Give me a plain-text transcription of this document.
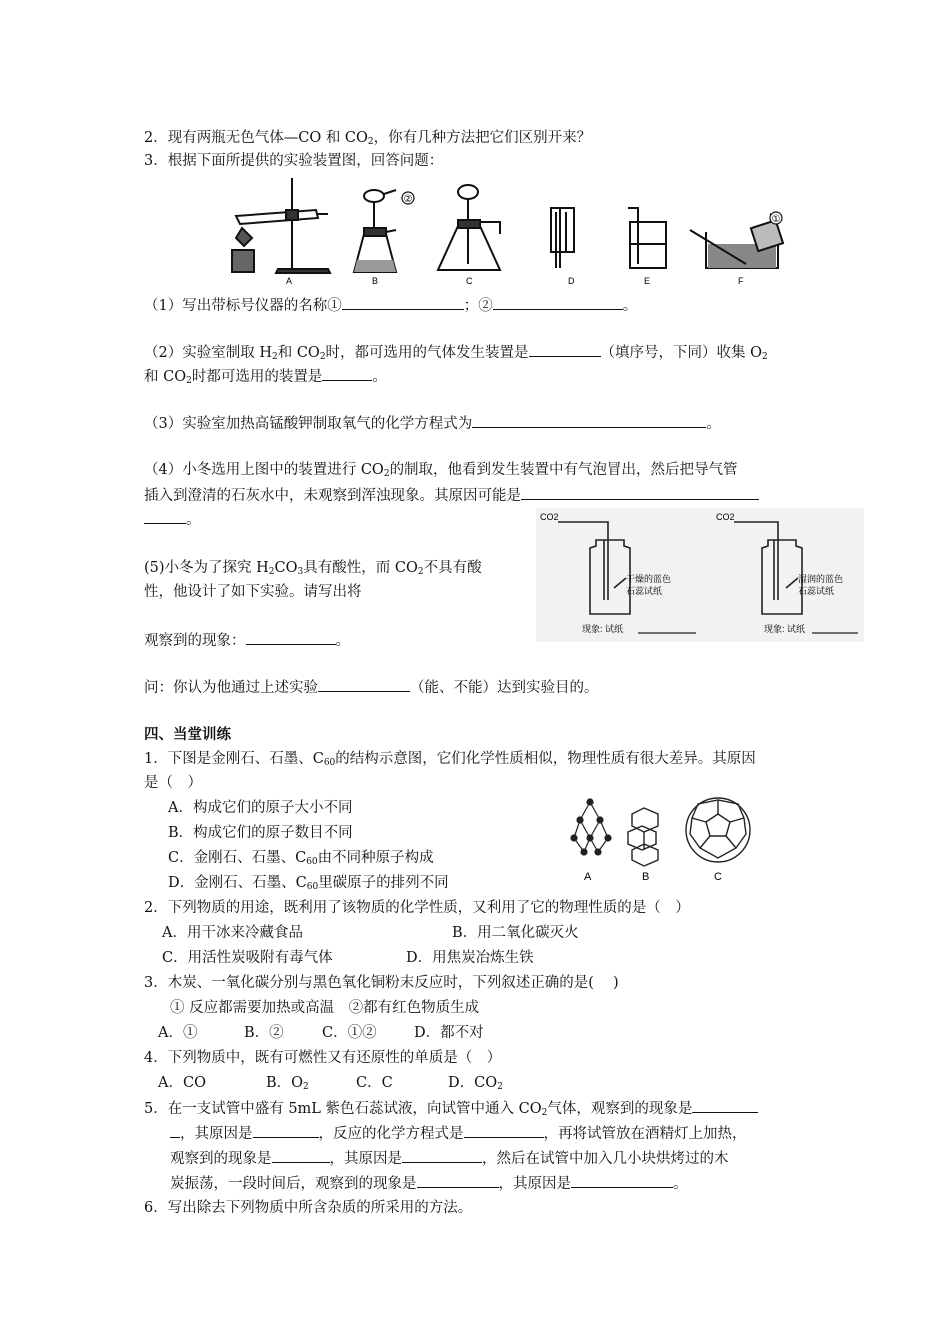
2．现有两瓶无色气体—CO 和 $CO_2$，你有几种方法把它们区别开来？
3．根据下面所提供的实验装置图，回答问题：
②
①
A	B	C	D	E	F
（1）写出带标号仪器的名称①	；②	。
（2）实验室制取 $H_2$和 $CO_2$时，都可选用的气体发生装置是	（填序号，下同）收集 $O_2$
和 $CO_2$时都可选用的装置是	。
（3）实验室加热高锰酸钾制取氧气的化学方程式为	。
（4）小冬选用上图中的装置进行 $CO_2$的制取，他看到发生装置中有气泡冒出，然后把导气管
插入到澄清的石灰水中，未观察到浑浊现象。其原因可能是
。
(5)小冬为了探究 $H_2CO_3$具有酸性，而 $CO_2$不具有酸
性，他设计了如下实验。请写出将
观察到的现象：	。
问：你认为他通过上述实验	（能、不能）达到实验目的。
CO2
干燥的蓝色
石蕊试纸
现象: 试纸
CO2
湿润的蓝色
石蕊试纸
现象: 试纸
四、当堂训练
1．下图是金刚石、石墨、$C_{60}$的结构示意图，它们化学性质相似，物理性质有很大差异。其原因
是（　）
A．构成它们的原子大小不同
B．构成它们的原子数目不同
C．金刚石、石墨、$C_{60}$由不同种原子构成
D．金刚石、石墨、$C_{60}$里碳原子的排列不同	A	B	C
2．下列物质的用途，既利用了该物质的化学性质，又利用了它的物理性质的是（　）
A．用干冰来冷藏食品	B．用二氧化碳灭火
C．用活性炭吸附有毒气体	D．用焦炭冶炼生铁
3．木炭、一氧化碳分别与黑色氧化铜粉末反应时，下列叙述正确的是(　 )
① 反应都需要加热或高温　②都有红色物质生成
A．①	B．②	C．①②	D．都不对
4．下列物质中，既有可燃性又有还原性的单质是（　）
A．CO	B．$O_2$	C．C	D．$CO_2$
5．在一支试管中盛有 5mL 紫色石蕊试液，向试管中通入 $CO_2$气体，观察到的现象是
，其原因是	，反应的化学方程式是	，再将试管放在酒精灯上加热，
观察到的现象是	，其原因是	，然后在试管中加入几小块烘烤过的木
炭振荡，一段时间后，观察到的现象是	，其原因是	。
6．写出除去下列物质中所含杂质的所采用的方法。
